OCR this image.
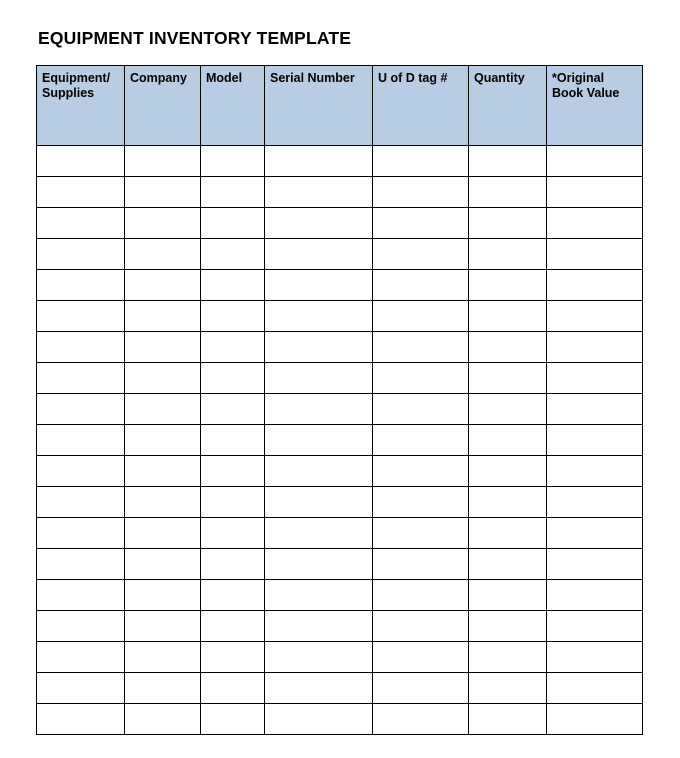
EQUIPMENT INVENTORY TEMPLATE
Equipment/ Supplies	Company	Model	Serial Number	U of D tag #	Quantity	*Original Book Value
